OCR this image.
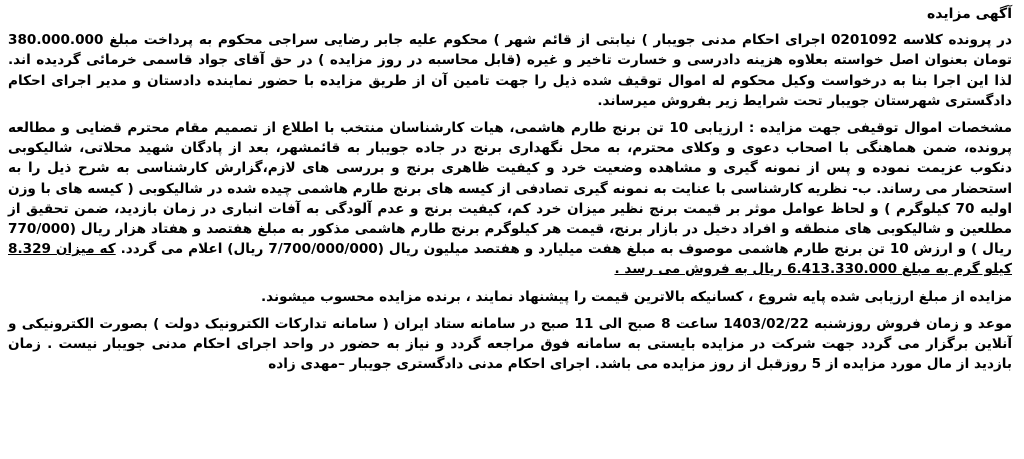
آگهی مزایده

در پرونده کلاسه 0201092 اجرای احکام مدنی جویبار ) نیابتی از قائم شهر ) محکوم علیه جابر رضایی سراجی محکوم به پرداخت مبلغ 380.000.000 تومان بعنوان اصل خواسته بعلاوه هزینه دادرسی و خسارت تاخیر و غیره (قابل محاسبه در روز مزایده ) در حق آقای جواد قاسمی خرمائی گردیده اند. لذا این اجرا بنا به درخواست وکیل محکوم له اموال توقیف شده ذیل را جهت تامین آن از طریق مزایده با حضور نماینده دادستان و مدیر اجرای احکام دادگستری شهرستان جویبار تحت شرایط زیر بفروش میرساند.

مشخصات اموال توقیفی جهت مزایده : ارزیابی 10 تن برنج طارم هاشمی، هیات کارشناسان منتخب با اطلاع از تصمیم مقام محترم قضایی و مطالعه پرونده، ضمن هماهنگی با اصحاب دعوی و وکلای محترم، به محل نگهداری برنج در جاده جویبار به قائمشهر، بعد از پادگان شهید محلاتی، شالیکوبی دنکوب عزیمت نموده و پس از نمونه گیری و مشاهده وضعیت خرد و کیفیت ظاهری برنج و بررسی های لازم،گزارش کارشناسی به شرح ذیل را به استحضار می رساند. ب- نظریه کارشناسی با عنایت به نمونه گیری تصادفی از کیسه های برنج طارم هاشمی چیده شده در شالیکوبی ( کیسه های با وزن اولیه 70 کیلوگرم ) و لحاظ عوامل موثر بر قیمت برنج نظیر میزان خرد کم، کیفیت برنج و عدم آلودگی به آفات انباری در زمان بازدید، ضمن تحقیق از مطلعین و شالیکوبی های منطقه و افراد دخیل در بازار برنج، قیمت هر کیلوگرم برنج طارم هاشمی مذکور به مبلغ هفتصد و هفتاد هزار ریال (770/000 ریال ) و ارزش 10 تن برنج طارم هاشمی موصوف به مبلغ هفت میلیارد و هفتصد میلیون ریال (7/700/000/000 ریال) اعلام می گردد. که میزان 8.329 کیلو گرم به مبلغ 6.413.330.000 ریال به فروش می رسد .

مزایده از مبلغ ارزیابی شده پایه شروع ، کسانیکه بالاترین قیمت را پیشنهاد نمایند ، برنده مزایده محسوب میشوند.

موعد و زمان فروش روزشنبه 1403/02/22 ساعت 8 صبح الی 11 صبح در سامانه ستاد ایران ( سامانه تدارکات الکترونیک دولت ) بصورت الکترونیکی و آنلاین برگزار می گردد جهت شرکت در مزایده بایستی به سامانه فوق مراجعه گردد و نیاز به حضور در واحد اجرای احکام مدنی جویبار نیست . زمان بازدید از مال مورد مزایده از 5 روزقبل از روز مزایده می باشد. اجرای احکام مدنی دادگستری جویبار –مهدی زاده
